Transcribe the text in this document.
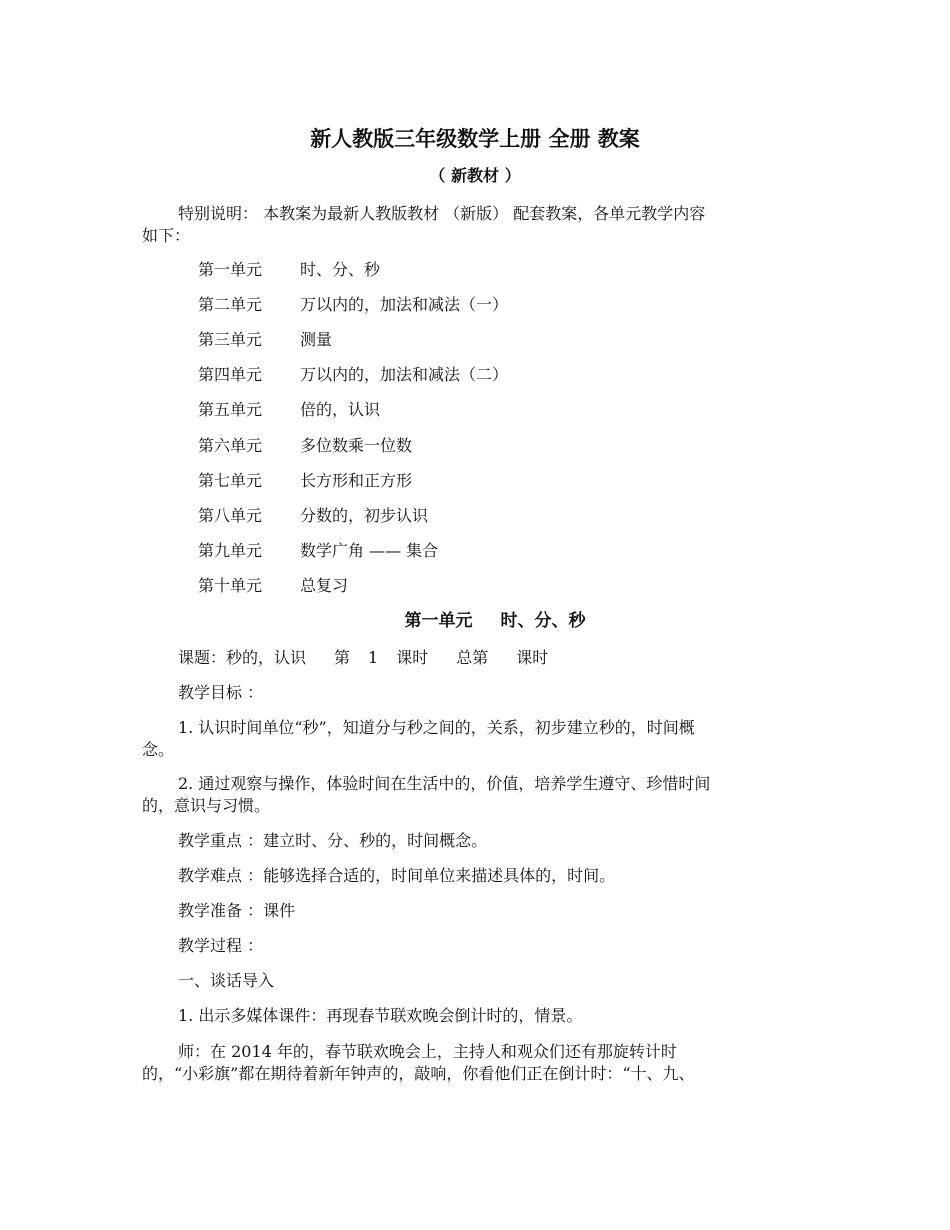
新人教版三年级数学上册 全册 教案
（ 新教材 ）
特别说明： 本教案为最新人教版教材 （新版） 配套教案，各单元教学内容
如下：
第一单元 时、分、秒
第二单元 万以内的，加法和减法（一）
第三单元 测量
第四单元 万以内的，加法和减法（二）
第五单元 倍的，认识
第六单元 多位数乘一位数
第七单元 长方形和正方形
第八单元 分数的，初步认识
第九单元 数学广角 —— 集合
第十单元 总复习
第一单元 时、分、秒
课题：秒的，认识 第 1 课时 总第 课时
教学目标 ：
1. 认识时间单位“秒”，知道分与秒之间的，关系，初步建立秒的，时间概
念。
2. 通过观察与操作，体验时间在生活中的，价值，培养学生遵守、珍惜时间
的，意识与习惯。
教学重点 ：建立时、分、秒的，时间概念。
教学难点 ：能够选择合适的，时间单位来描述具体的，时间。
教学准备 ：课件
教学过程 ：
一、谈话导入
1. 出示多媒体课件：再现春节联欢晚会倒计时的，情景。
师：在 2014 年的，春节联欢晚会上，主持人和观众们还有那旋转计时
的，“小彩旗”都在期待着新年钟声的，敲响，你看他们正在倒计时：“十、九、
